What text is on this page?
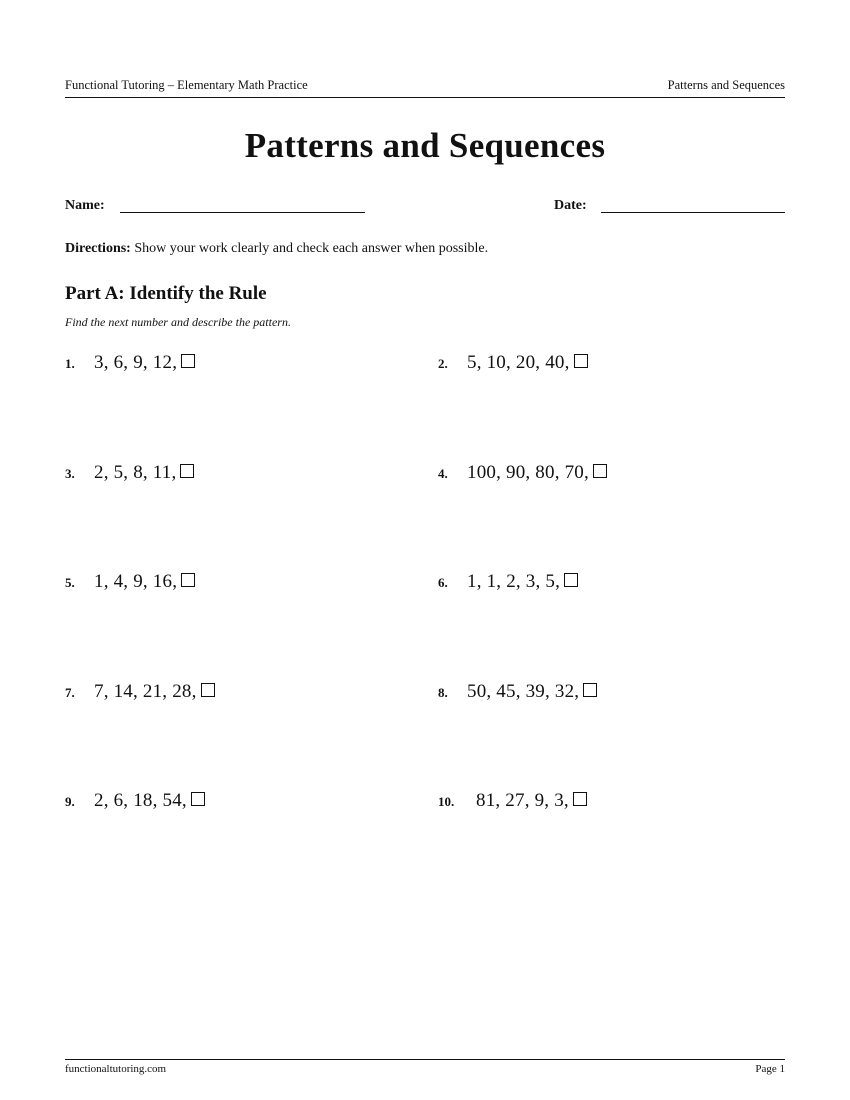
Functional Tutoring – Elementary Math Practice	Patterns and Sequences
Patterns and Sequences
Name:	Date:
Directions: Show your work clearly and check each answer when possible.
Part A: Identify the Rule
Find the next number and describe the pattern.
1.	3, 6, 9, 12,	2.	5, 10, 20, 40,
3.	2, 5, 8, 11,	4.	100, 90, 80, 70,
5.	1, 4, 9, 16,	6.	1, 1, 2, 3, 5,
7.	7, 14, 21, 28,	8.	50, 45, 39, 32,
9.	2, 6, 18, 54,	10.	81, 27, 9, 3,
functionaltutoring.com	Page 1
